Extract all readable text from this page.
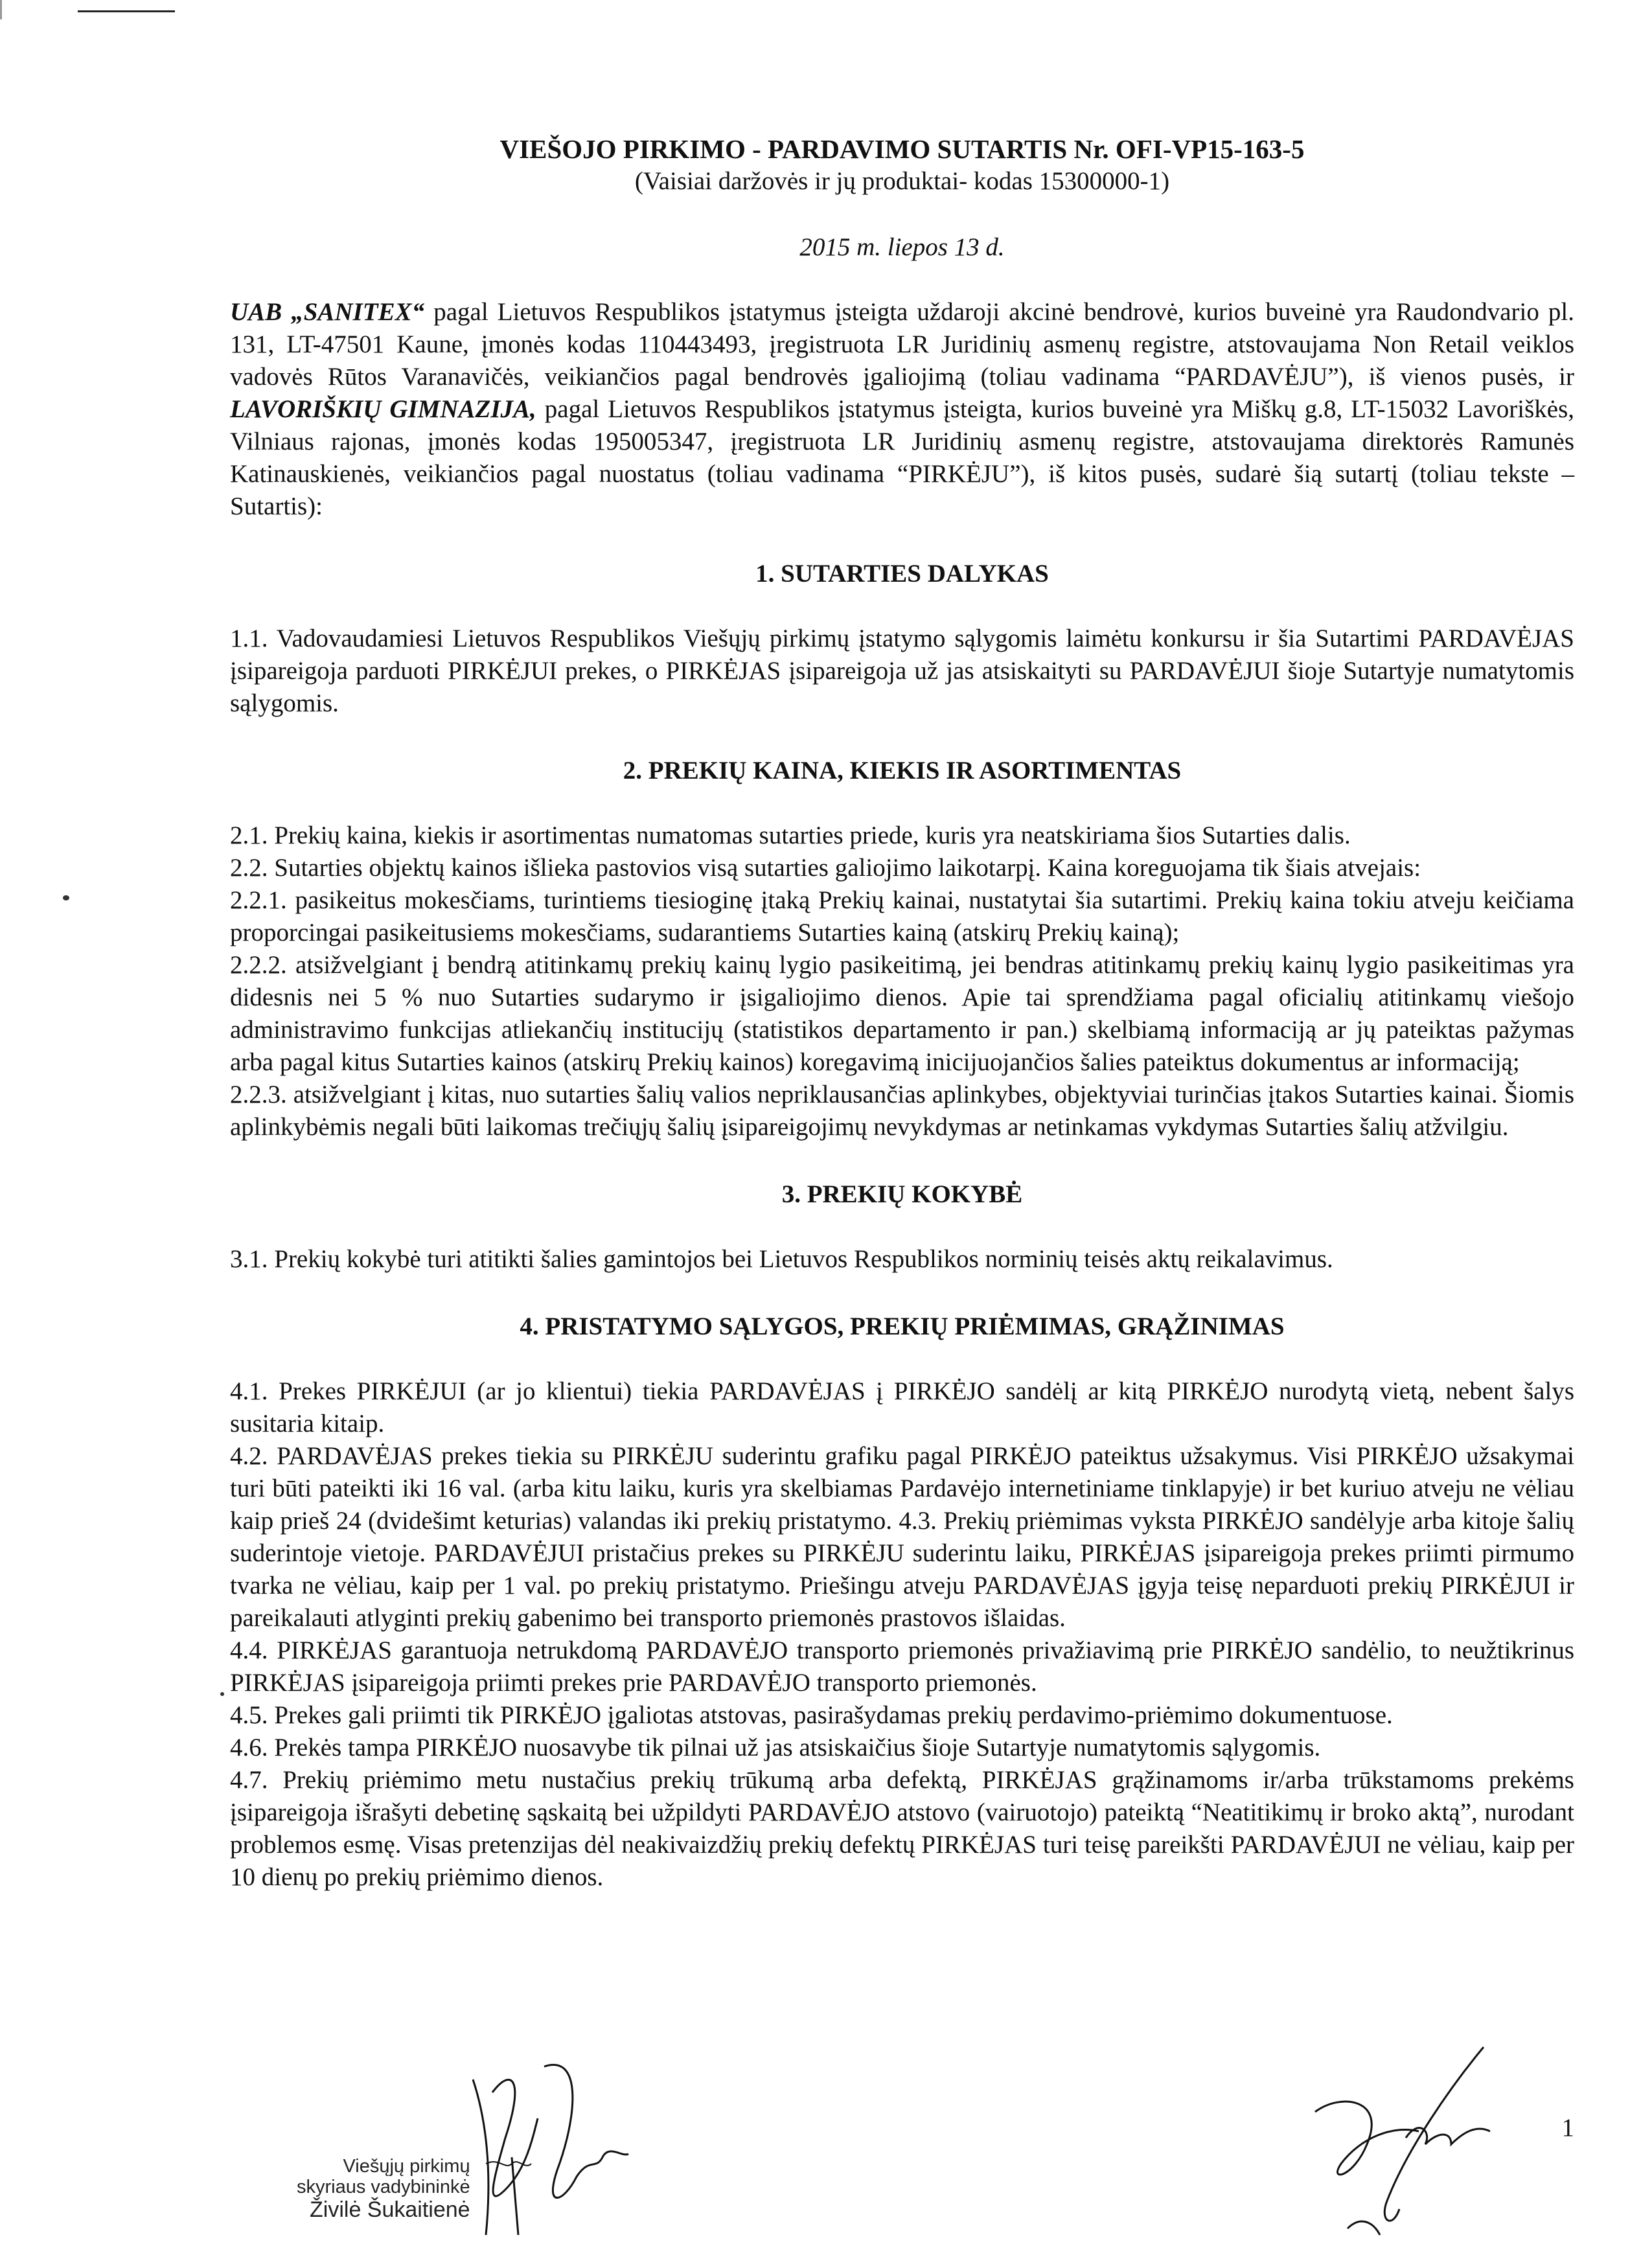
VIEŠOJO PIRKIMO - PARDAVIMO SUTARTIS Nr. OFI-VP15-163-5
(Vaisiai daržovės ir jų produktai- kodas 15300000-1)
2015 m. liepos 13 d.

UAB „SANITEX“ pagal Lietuvos Respublikos įstatymus įsteigta uždaroji akcinė bendrovė, kurios buveinė yra Raudondvario pl. 131, LT-47501 Kaune, įmonės kodas 110443493, įregistruota LR Juridinių asmenų registre, atstovaujama Non Retail veiklos vadovės Rūtos Varanavičės, veikiančios pagal bendrovės įgaliojimą (toliau vadinama “PARDAVĖJU”), iš vienos pusės, ir LAVORIŠKIŲ GIMNAZIJA, pagal Lietuvos Respublikos įstatymus įsteigta, kurios buveinė yra Miškų g.8, LT-15032 Lavoriškės, Vilniaus rajonas, įmonės kodas 195005347, įregistruota LR Juridinių asmenų registre, atstovaujama direktorės Ramunės Katinauskienės, veikiančios pagal nuostatus (toliau vadinama “PIRKĖJU”), iš kitos pusės, sudarė šią sutartį (toliau tekste – Sutartis):

1. SUTARTIES DALYKAS

1.1. Vadovaudamiesi Lietuvos Respublikos Viešųjų pirkimų įstatymo sąlygomis laimėtu konkursu ir šia Sutartimi PARDAVĖJAS įsipareigoja parduoti PIRKĖJUI prekes, o PIRKĖJAS įsipareigoja už jas atsiskaityti su PARDAVĖJUI šioje Sutartyje numatytomis sąlygomis.

2. PREKIŲ KAINA, KIEKIS IR ASORTIMENTAS

2.1. Prekių kaina, kiekis ir asortimentas numatomas sutarties priede, kuris yra neatskiriama šios Sutarties dalis.

2.2. Sutarties objektų kainos išlieka pastovios visą sutarties galiojimo laikotarpį. Kaina koreguojama tik šiais atvejais:

2.2.1. pasikeitus mokesčiams, turintiems tiesioginę įtaką Prekių kainai, nustatytai šia sutartimi. Prekių kaina tokiu atveju keičiama proporcingai pasikeitusiems mokesčiams, sudarantiems Sutarties kainą (atskirų Prekių kainą);

2.2.2. atsižvelgiant į bendrą atitinkamų prekių kainų lygio pasikeitimą, jei bendras atitinkamų prekių kainų lygio pasikeitimas yra didesnis nei 5 % nuo Sutarties sudarymo ir įsigaliojimo dienos. Apie tai sprendžiama pagal oficialių atitinkamų viešojo administravimo funkcijas atliekančių institucijų (statistikos departamento ir pan.) skelbiamą informaciją ar jų pateiktas pažymas arba pagal kitus Sutarties kainos (atskirų Prekių kainos) koregavimą inicijuojančios šalies pateiktus dokumentus ar informaciją;

2.2.3. atsižvelgiant į kitas, nuo sutarties šalių valios nepriklausančias aplinkybes, objektyviai turinčias įtakos Sutarties kainai. Šiomis aplinkybėmis negali būti laikomas trečiųjų šalių įsipareigojimų nevykdymas ar netinkamas vykdymas Sutarties šalių atžvilgiu.

3. PREKIŲ KOKYBĖ

3.1. Prekių kokybė turi atitikti šalies gamintojos bei Lietuvos Respublikos norminių teisės aktų reikalavimus.

4. PRISTATYMO SĄLYGOS, PREKIŲ PRIĖMIMAS, GRĄŽINIMAS

4.1. Prekes PIRKĖJUI (ar jo klientui) tiekia PARDAVĖJAS į PIRKĖJO sandėlį ar kitą PIRKĖJO nurodytą vietą, nebent šalys susitaria kitaip.

4.2. PARDAVĖJAS prekes tiekia su PIRKĖJU suderintu grafiku pagal PIRKĖJO pateiktus užsakymus. Visi PIRKĖJO užsakymai turi būti pateikti iki 16 val. (arba kitu laiku, kuris yra skelbiamas Pardavėjo internetiniame tinklapyje) ir bet kuriuo atveju ne vėliau kaip prieš 24 (dvidešimt keturias) valandas iki prekių pristatymo. 4.3. Prekių priėmimas vyksta PIRKĖJO sandėlyje arba kitoje šalių suderintoje vietoje. PARDAVĖJUI pristačius prekes su PIRKĖJU suderintu laiku, PIRKĖJAS įsipareigoja prekes priimti pirmumo tvarka ne vėliau, kaip per 1 val. po prekių pristatymo. Priešingu atveju PARDAVĖJAS įgyja teisę neparduoti prekių PIRKĖJUI ir pareikalauti atlyginti prekių gabenimo bei transporto priemonės prastovos išlaidas.

4.4. PIRKĖJAS garantuoja netrukdomą PARDAVĖJO transporto priemonės privažiavimą prie PIRKĖJO sandėlio, to neužtikrinus PIRKĖJAS įsipareigoja priimti prekes prie PARDAVĖJO transporto priemonės.

4.5. Prekes gali priimti tik PIRKĖJO įgaliotas atstovas, pasirašydamas prekių perdavimo-priėmimo dokumentuose.

4.6. Prekės tampa PIRKĖJO nuosavybe tik pilnai už jas atsiskaičius šioje Sutartyje numatytomis sąlygomis.

4.7. Prekių priėmimo metu nustačius prekių trūkumą arba defektą, PIRKĖJAS grąžinamoms ir/arba trūkstamoms prekėms įsipareigoja išrašyti debetinę sąskaitą bei užpildyti PARDAVĖJO atstovo (vairuotojo) pateiktą “Neatitikimų ir broko aktą”, nurodant problemos esmę. Visas pretenzijas dėl neakivaizdžių prekių defektų PIRKĖJAS turi teisę pareikšti PARDAVĖJUI ne vėliau, kaip per 10 dienų po prekių priėmimo dienos.

1
Viešųjų pirkimų
skyriaus vadybininkė
Živilė Šukaitienė
